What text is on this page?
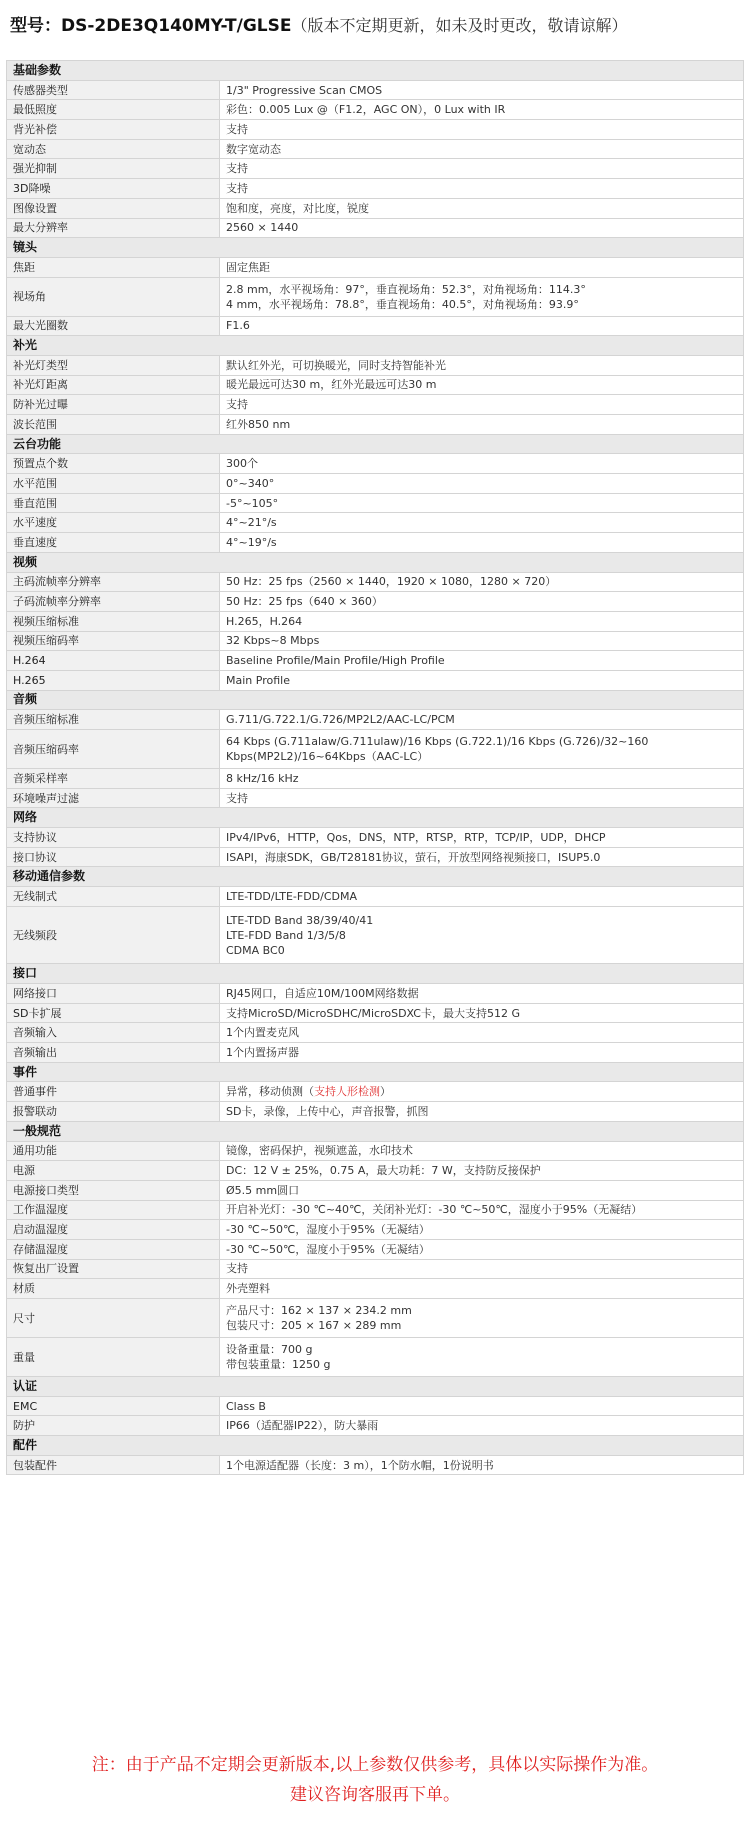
型号：DS-2DE3Q140MY-T/GLSE（版本不定期更新，如未及时更改，敬请谅解）
基础参数	
传感器类型	1/3" Progressive Scan CMOS

最低照度	彩色：0.005 Lux @（F1.2，AGC ON），0 Lux with IR

背光补偿	支持

宽动态	数字宽动态

强光抑制	支持

3D降噪	支持

图像设置	饱和度，亮度，对比度，锐度

最大分辨率	2560 × 1440

镜头	
焦距	固定焦距

视场角	2.8 mm，水平视场角：97°，垂直视场角：52.3°，对角视场角：114.3°
4 mm，水平视场角：78.8°，垂直视场角：40.5°，对角视场角：93.9°

最大光圈数	F1.6

补光	
补光灯类型	默认红外光，可切换暖光，同时支持智能补光

补光灯距离	暖光最远可达30 m，红外光最远可达30 m

防补光过曝	支持

波长范围	红外850 nm

云台功能	
预置点个数	300个

水平范围	0°~340°

垂直范围	-5°~105°

水平速度	4°~21°/s

垂直速度	4°~19°/s

视频	
主码流帧率分辨率	50 Hz：25 fps（2560 × 1440，1920 × 1080，1280 × 720）

子码流帧率分辨率	50 Hz：25 fps（640 × 360）

视频压缩标准	H.265，H.264

视频压缩码率	32 Kbps~8 Mbps

H.264	Baseline Profile/Main Profile/High Profile

H.265	Main Profile

音频	
音频压缩标准	G.711/G.722.1/G.726/MP2L2/AAC-LC/PCM

音频压缩码率	64 Kbps (G.711alaw/G.711ulaw)/16 Kbps (G.722.1)/16 Kbps (G.726)/32~160
Kbps(MP2L2)/16~64Kbps（AAC-LC）

音频采样率	8 kHz/16 kHz

环境噪声过滤	支持

网络	
支持协议	IPv4/IPv6，HTTP，Qos，DNS，NTP，RTSP，RTP，TCP/IP，UDP，DHCP

接口协议	ISAPI，海康SDK，GB/T28181协议，萤石，开放型网络视频接口，ISUP5.0

移动通信参数	
无线制式	LTE-TDD/LTE-FDD/CDMA

无线频段	LTE-TDD Band 38/39/40/41
LTE-FDD Band 1/3/5/8
CDMA BC0

接口	
网络接口	RJ45网口，自适应10M/100M网络数据

SD卡扩展	支持MicroSD/MicroSDHC/MicroSDXC卡，最大支持512 G

音频输入	1个内置麦克风

音频输出	1个内置扬声器

事件	
普通事件	异常，移动侦测（支持人形检测）
报警联动	SD卡，录像，上传中心，声音报警，抓图

一般规范	
通用功能	镜像，密码保护，视频遮盖，水印技术

电源	DC：12 V ± 25%，0.75 A，最大功耗：7 W，支持防反接保护

电源接口类型	Ø5.5 mm圆口

工作温湿度	开启补光灯：-30 ℃~40℃，关闭补光灯：-30 ℃~50℃，湿度小于95%（无凝结）

启动温湿度	-30 ℃~50℃，湿度小于95%（无凝结）

存储温湿度	-30 ℃~50℃，湿度小于95%（无凝结）

恢复出厂设置	支持

材质	外壳塑料

尺寸	产品尺寸：162 × 137 × 234.2 mm
包装尺寸：205 × 167 × 289 mm

重量	设备重量：700 g
带包装重量：1250 g

认证	
EMC	Class B

防护	IP66（适配器IP22），防大暴雨

配件	
包装配件	1个电源适配器（长度：3 m），1个防水帽，1份说明书
注：由于产品不定期会更新版本,以上参数仅供参考，具体以实际操作为准。
建议咨询客服再下单。
